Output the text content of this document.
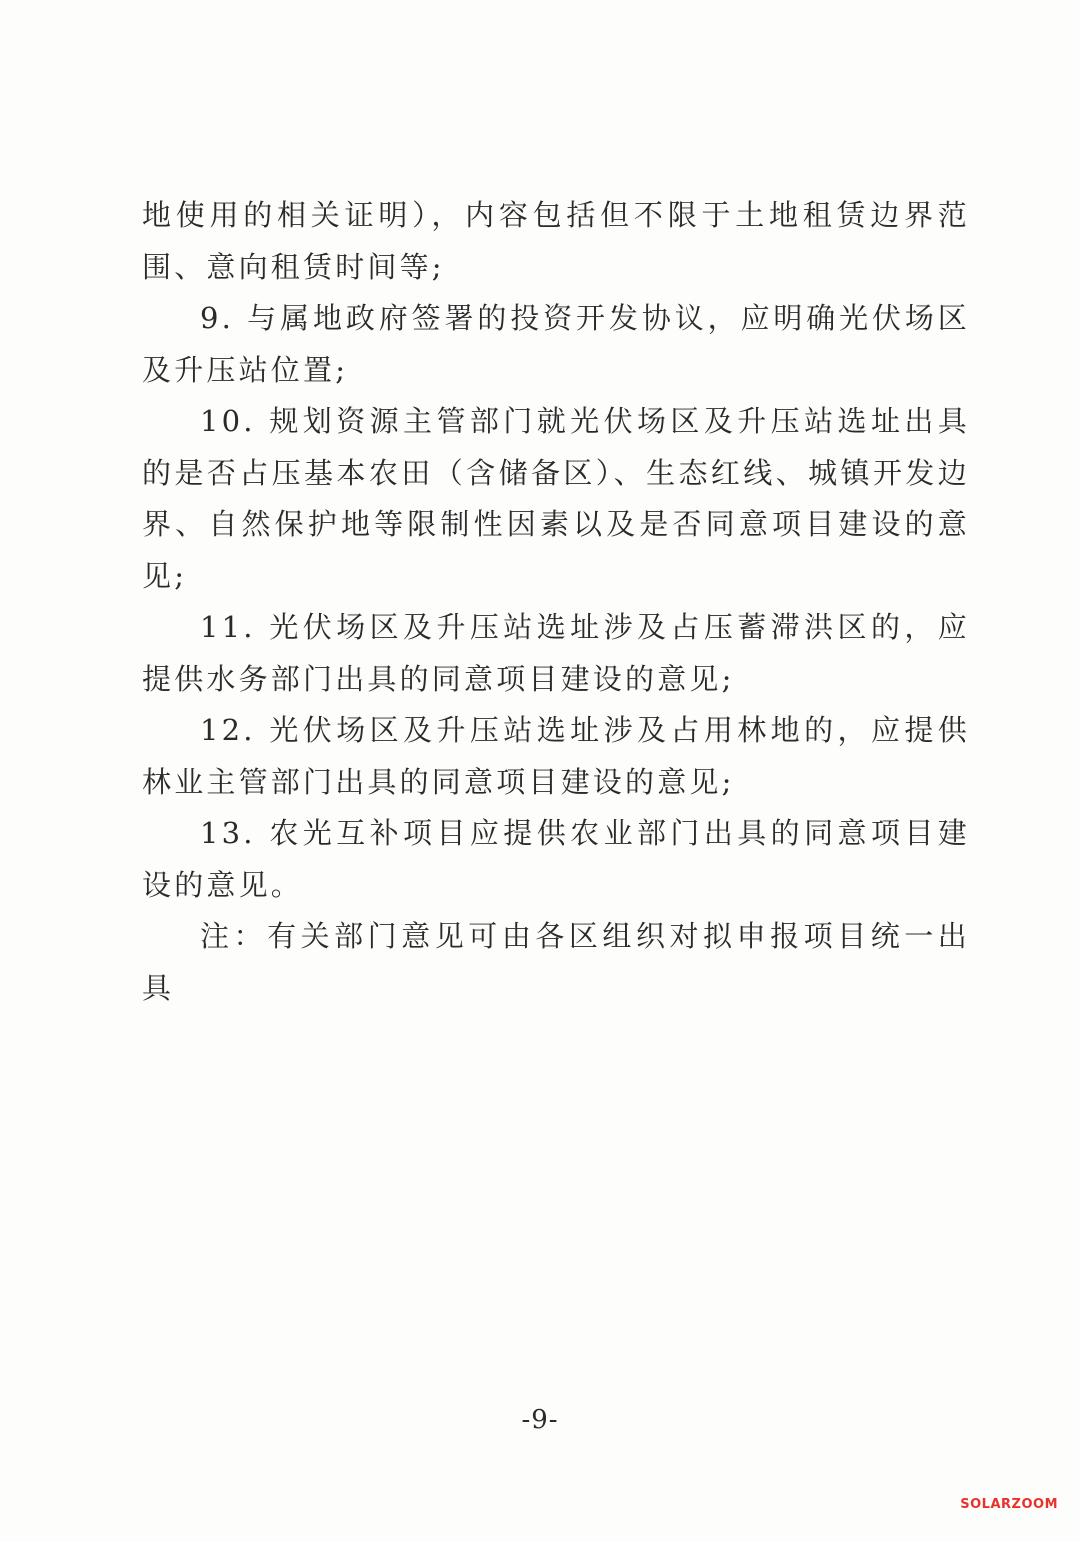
地使用的相关证明），内容包括但不限于土地租赁边界范围、意向租赁时间等;

9. 与属地政府签署的投资开发协议，应明确光伏场区及升压站位置;

10. 规划资源主管部门就光伏场区及升压站选址出具的是否占压基本农田（含储备区）、生态红线、城镇开发边界、自然保护地等限制性因素以及是否同意项目建设的意见;

11. 光伏场区及升压站选址涉及占压蓄滞洪区的，应提供水务部门出具的同意项目建设的意见;

12. 光伏场区及升压站选址涉及占用林地的，应提供林业主管部门出具的同意项目建设的意见;

13. 农光互补项目应提供农业部门出具的同意项目建设的意见。

注：有关部门意见可由各区组织对拟申报项目统一出具

-9-
SOLARZOOM
